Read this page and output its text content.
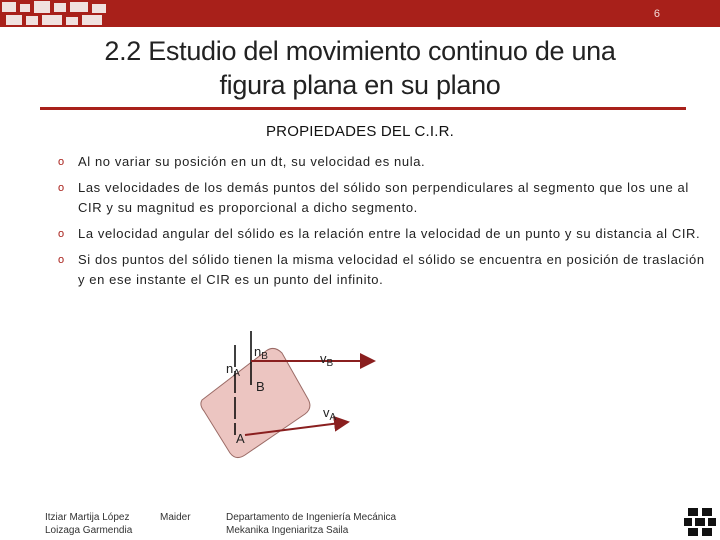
6
2.2 Estudio del movimiento continuo de una
figura plana en su plano
PROPIEDADES DEL C.I.R.
o Al no variar su posición en un dt, su velocidad es nula.
o Las velocidades de los demás puntos del sólido son perpendiculares al segmento que los une al CIR y su magnitud es proporcional a dicho segmento.
o La velocidad angular del sólido es la relación entre la velocidad de un punto y su distancia al CIR.
o Si dos puntos del sólido tienen la misma velocidad el sólido se encuentra en posición de traslación y en ese instante el CIR es un punto del infinito.
$n_B$
$n_A$
$v_B$
$v_A$
B
A
Itziar Martija López
Loizaga Garmendia
Maider	Departamento de Ingeniería Mecánica
Mekanika Ingeniaritza Saila
